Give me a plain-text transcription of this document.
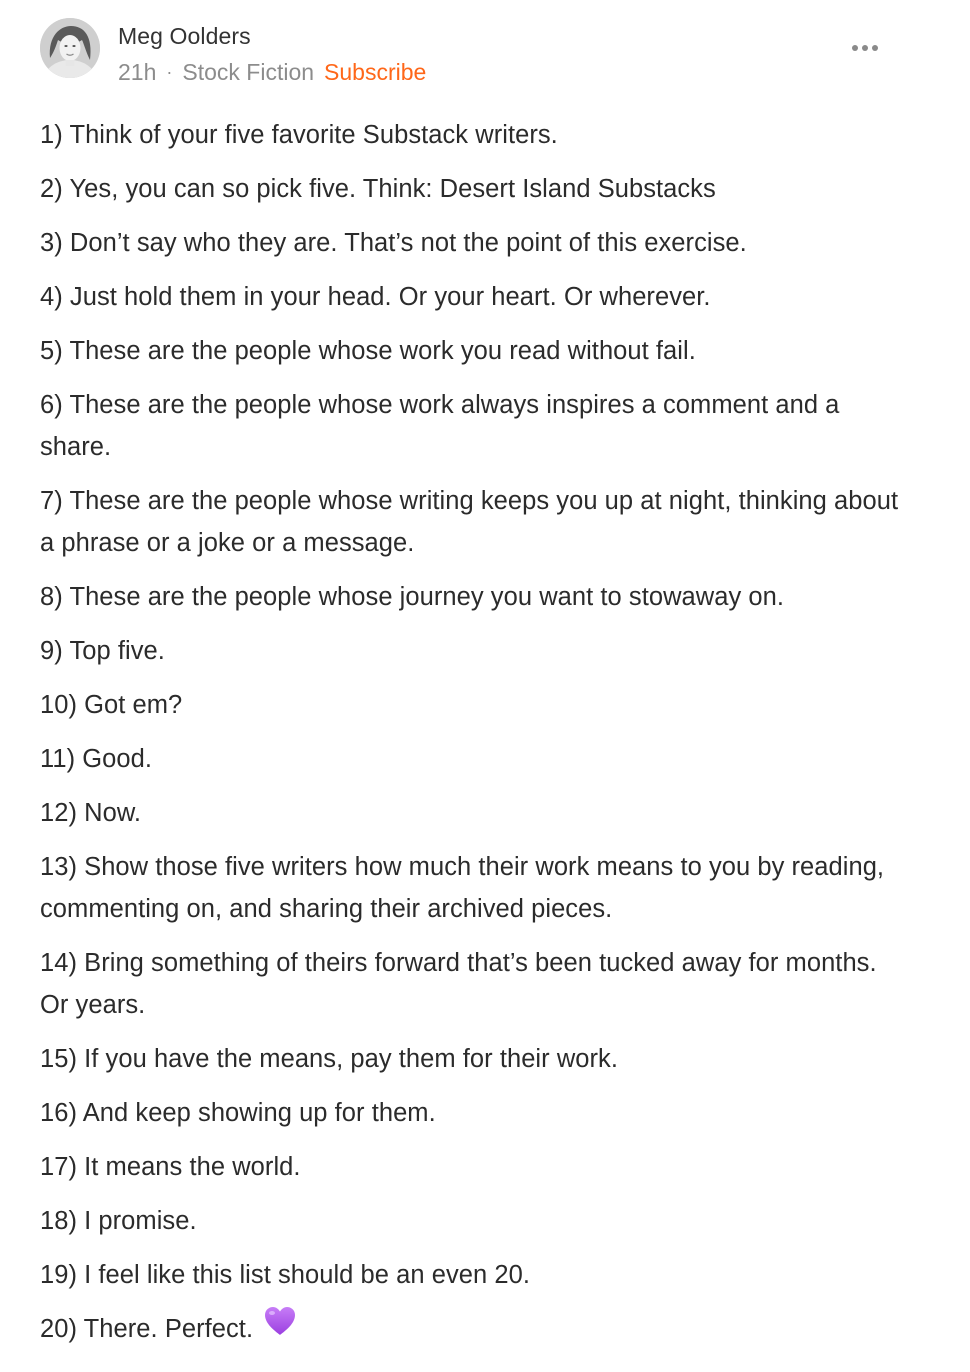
Meg Oolders
21h · Stock Fiction Subscribe
1) Think of your five favorite Substack writers.
2) Yes, you can so pick five. Think: Desert Island Substacks
3) Don’t say who they are. That’s not the point of this exercise.
4) Just hold them in your head. Or your heart. Or wherever.
5) These are the people whose work you read without fail.
6) These are the people whose work always inspires a comment and a share.
7) These are the people whose writing keeps you up at night, thinking about a phrase or a joke or a message.
8) These are the people whose journey you want to stowaway on.
9) Top five.
10) Got em?
11) Good.
12) Now.
13) Show those five writers how much their work means to you by reading, commenting on, and sharing their archived pieces.
14) Bring something of theirs forward that’s been tucked away for months. Or years.
15) If you have the means, pay them for their work.
16) And keep showing up for them.
17) It means the world.
18) I promise.
19) I feel like this list should be an even 20.
20) There. Perfect.
